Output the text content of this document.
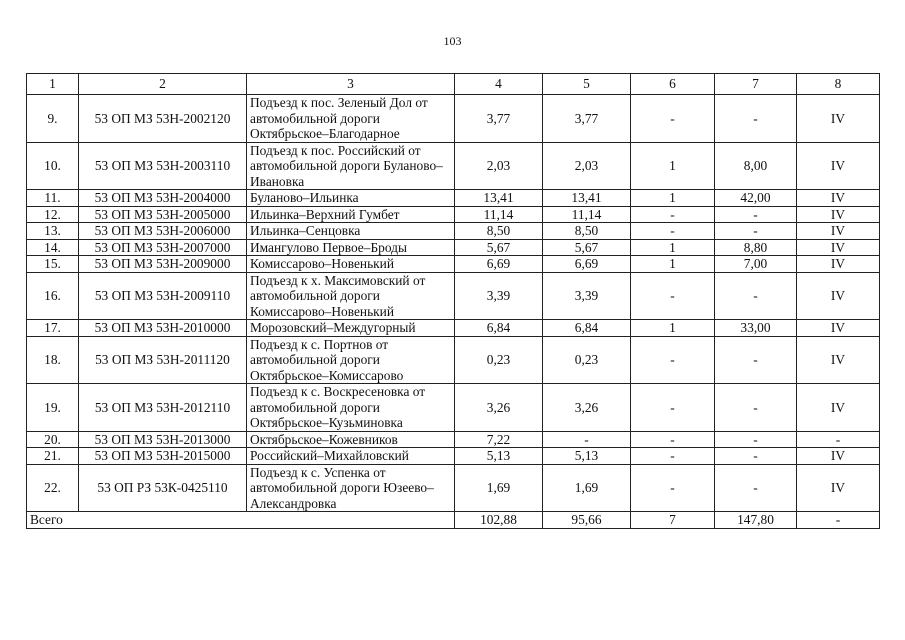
103
1	2	3	4	5	6	7	8
9.	53 ОП МЗ 53Н-2002120	Подъезд к пос. Зеленый Дол от автомобильной дороги Октябрьское–Благодарное	3,77	3,77	-	-	IV
10.	53 ОП МЗ 53Н-2003110	Подъезд к пос. Российский от автомобильной дороги Буланово–Ивановка	2,03	2,03	1	8,00	IV
11.	53 ОП МЗ 53Н-2004000	Буланово–Ильинка	13,41	13,41	1	42,00	IV
12.	53 ОП МЗ 53Н-2005000	Ильинка–Верхний Гумбет	11,14	11,14	-	-	IV
13.	53 ОП МЗ 53Н-2006000	Ильинка–Сенцовка	8,50	8,50	-	-	IV
14.	53 ОП МЗ 53Н-2007000	Имангулово Первое–Броды	5,67	5,67	1	8,80	IV
15.	53 ОП МЗ 53Н-2009000	Комиссарово–Новенький	6,69	6,69	1	7,00	IV
16.	53 ОП МЗ 53Н-2009110	Подъезд к х. Максимовский от автомобильной дороги Комиссарово–Новенький	3,39	3,39	-	-	IV
17.	53 ОП МЗ 53Н-2010000	Морозовский–Междугорный	6,84	6,84	1	33,00	IV
18.	53 ОП МЗ 53Н-2011120	Подъезд к с. Портнов от автомобильной дороги Октябрьское–Комиссарово	0,23	0,23	-	-	IV
19.	53 ОП МЗ 53Н-2012110	Подъезд к с. Воскресеновка от автомобильной дороги Октябрьское–Кузьминовка	3,26	3,26	-	-	IV
20.	53 ОП МЗ 53Н-2013000	Октябрьское–Кожевников	7,22	-	-	-	-
21.	53 ОП МЗ 53Н-2015000	Российский–Михайловский	5,13	5,13	-	-	IV
22.	53 ОП РЗ 53К-0425110	Подъезд к с. Успенка от автомобильной дороги Юзеево–Александровка	1,69	1,69	-	-	IV
Всего			102,88	95,66	7	147,80	-
